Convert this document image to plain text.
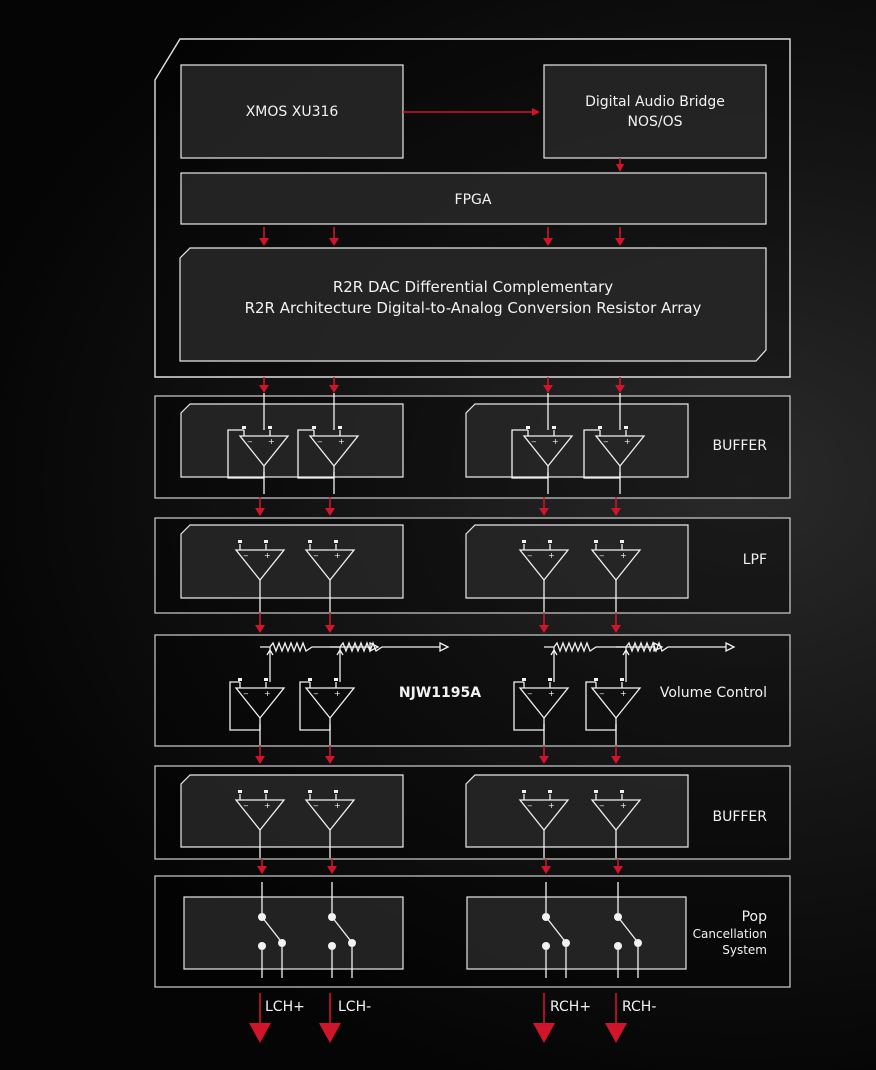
XMOS XU316
Digital Audio Bridge
NOS/OS
FPGA
R2R DAC Differential Complementary
R2R Architecture Digital-to-Analog Conversion Resistor Array
BUFFER
LPF
NJW1195A	Volume Control
BUFFER
Pop
Cancellation
System
LCH+ LCH-	RCH+ RCH-
− +	− +	− +	− +
− +	− +	− +	− +
− +	− +	− +	− +
− +	− +	− +	− +
